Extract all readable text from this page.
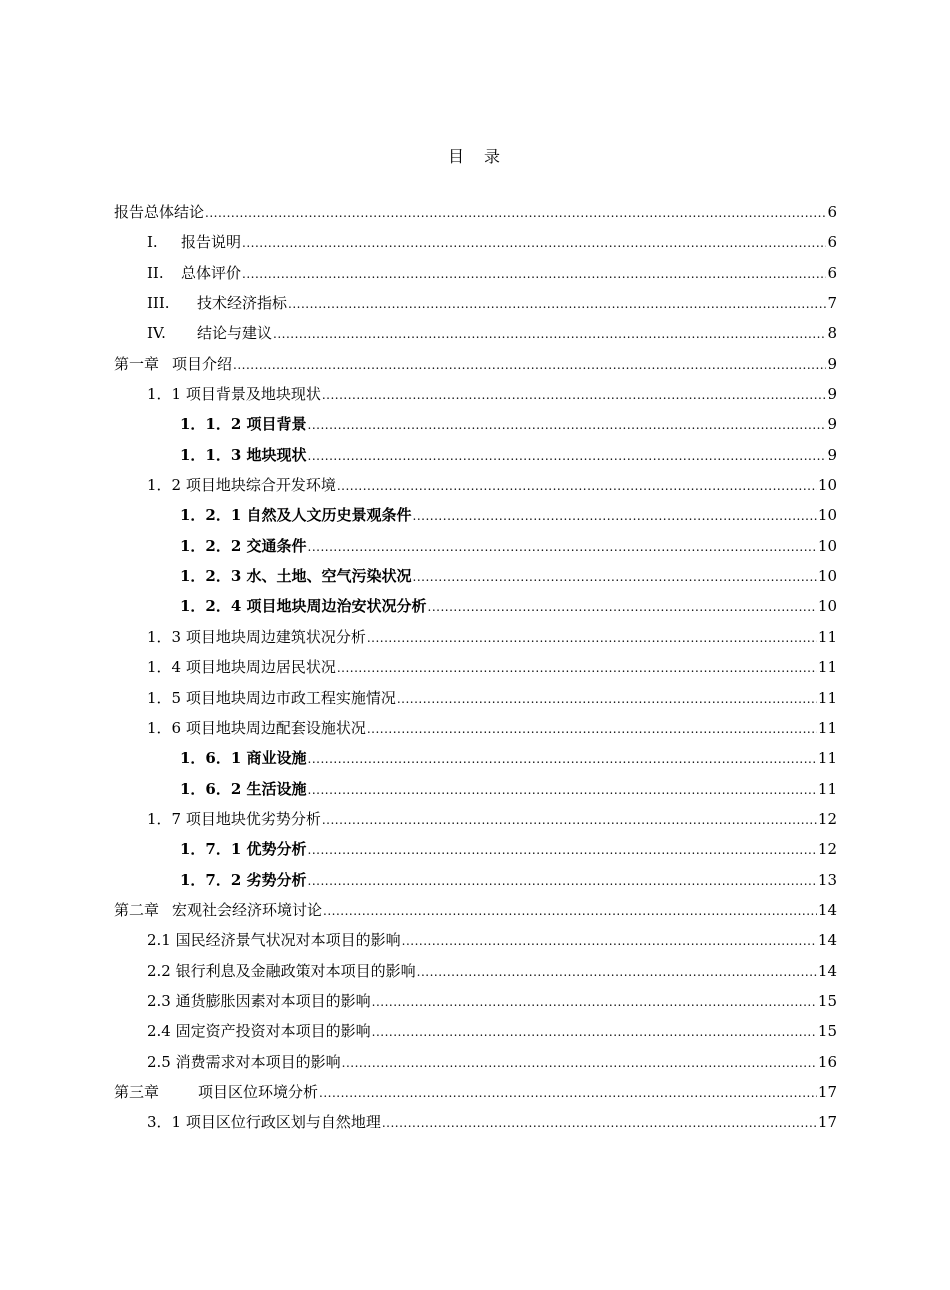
目 录
报告总体结论 .....	6
I.	报告说明 .....	6
II.	总体评价 .....	6
III.	技术经济指标 .....	7
IV.	结论与建议 .....	8
第一章 项目介绍 .....	9
1．1 项目背景及地块现状 .....	9
1．1．2 项目背景 .....	9
1．1．3 地块现状 .....	9
1．2 项目地块综合开发环境 .....	10
1．2．1 自然及人文历史景观条件 .....	10
1．2．2 交通条件 .....	10
1．2．3 水、土地、空气污染状况 .....	10
1．2．4 项目地块周边治安状况分析 .....	10
1．3 项目地块周边建筑状况分析 .....	11
1．4 项目地块周边居民状况 .....	11
1．5 项目地块周边市政工程实施情况 .....	11
1．6 项目地块周边配套设施状况 .....	11
1．6．1 商业设施 .....	11
1．6．2 生活设施 .....	11
1．7 项目地块优劣势分析 .....	12
1．7．1 优势分析 .....	12
1．7．2 劣势分析 .....	13
第二章 宏观社会经济环境讨论 .....	14
2.1 国民经济景气状况对本项目的影响 .....	14
2.2 银行利息及金融政策对本项目的影响 .....	14
2.3 通货膨胀因素对本项目的影响 .....	15
2.4 固定资产投资对本项目的影响 .....	15
2.5 消费需求对本项目的影响 .....	16
第三章	项目区位环境分析 .....	17
3．1 项目区位行政区划与自然地理 .....	17
